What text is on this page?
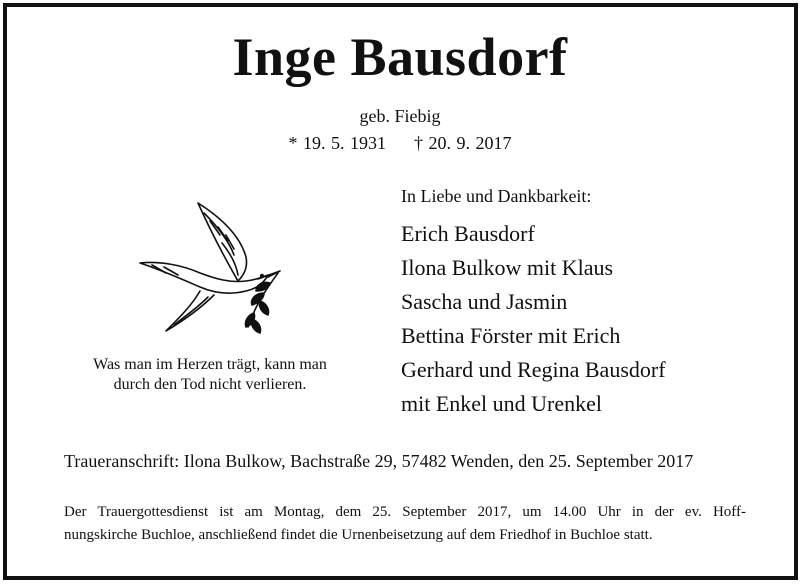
Inge Bausdorf
geb. Fiebig
* 19. 5. 1931 † 20. 9. 2017
Was man im Herzen trägt, kann man
durch den Tod nicht verlieren.
In Liebe und Dankbarkeit:
Erich Bausdorf
Ilona Bulkow mit Klaus
Sascha und Jasmin
Bettina Förster mit Erich
Gerhard und Regina Bausdorf
mit Enkel und Urenkel
Traueranschrift: Ilona Bulkow, Bachstraße 29, 57482 Wenden, den 25. September 2017
Der Trauergottesdienst ist am Montag, dem 25. September 2017, um 14.00 Uhr in der ev. Hoff-
nungskirche Buchloe, anschließend findet die Urnenbeisetzung auf dem Friedhof in Buchloe statt.
